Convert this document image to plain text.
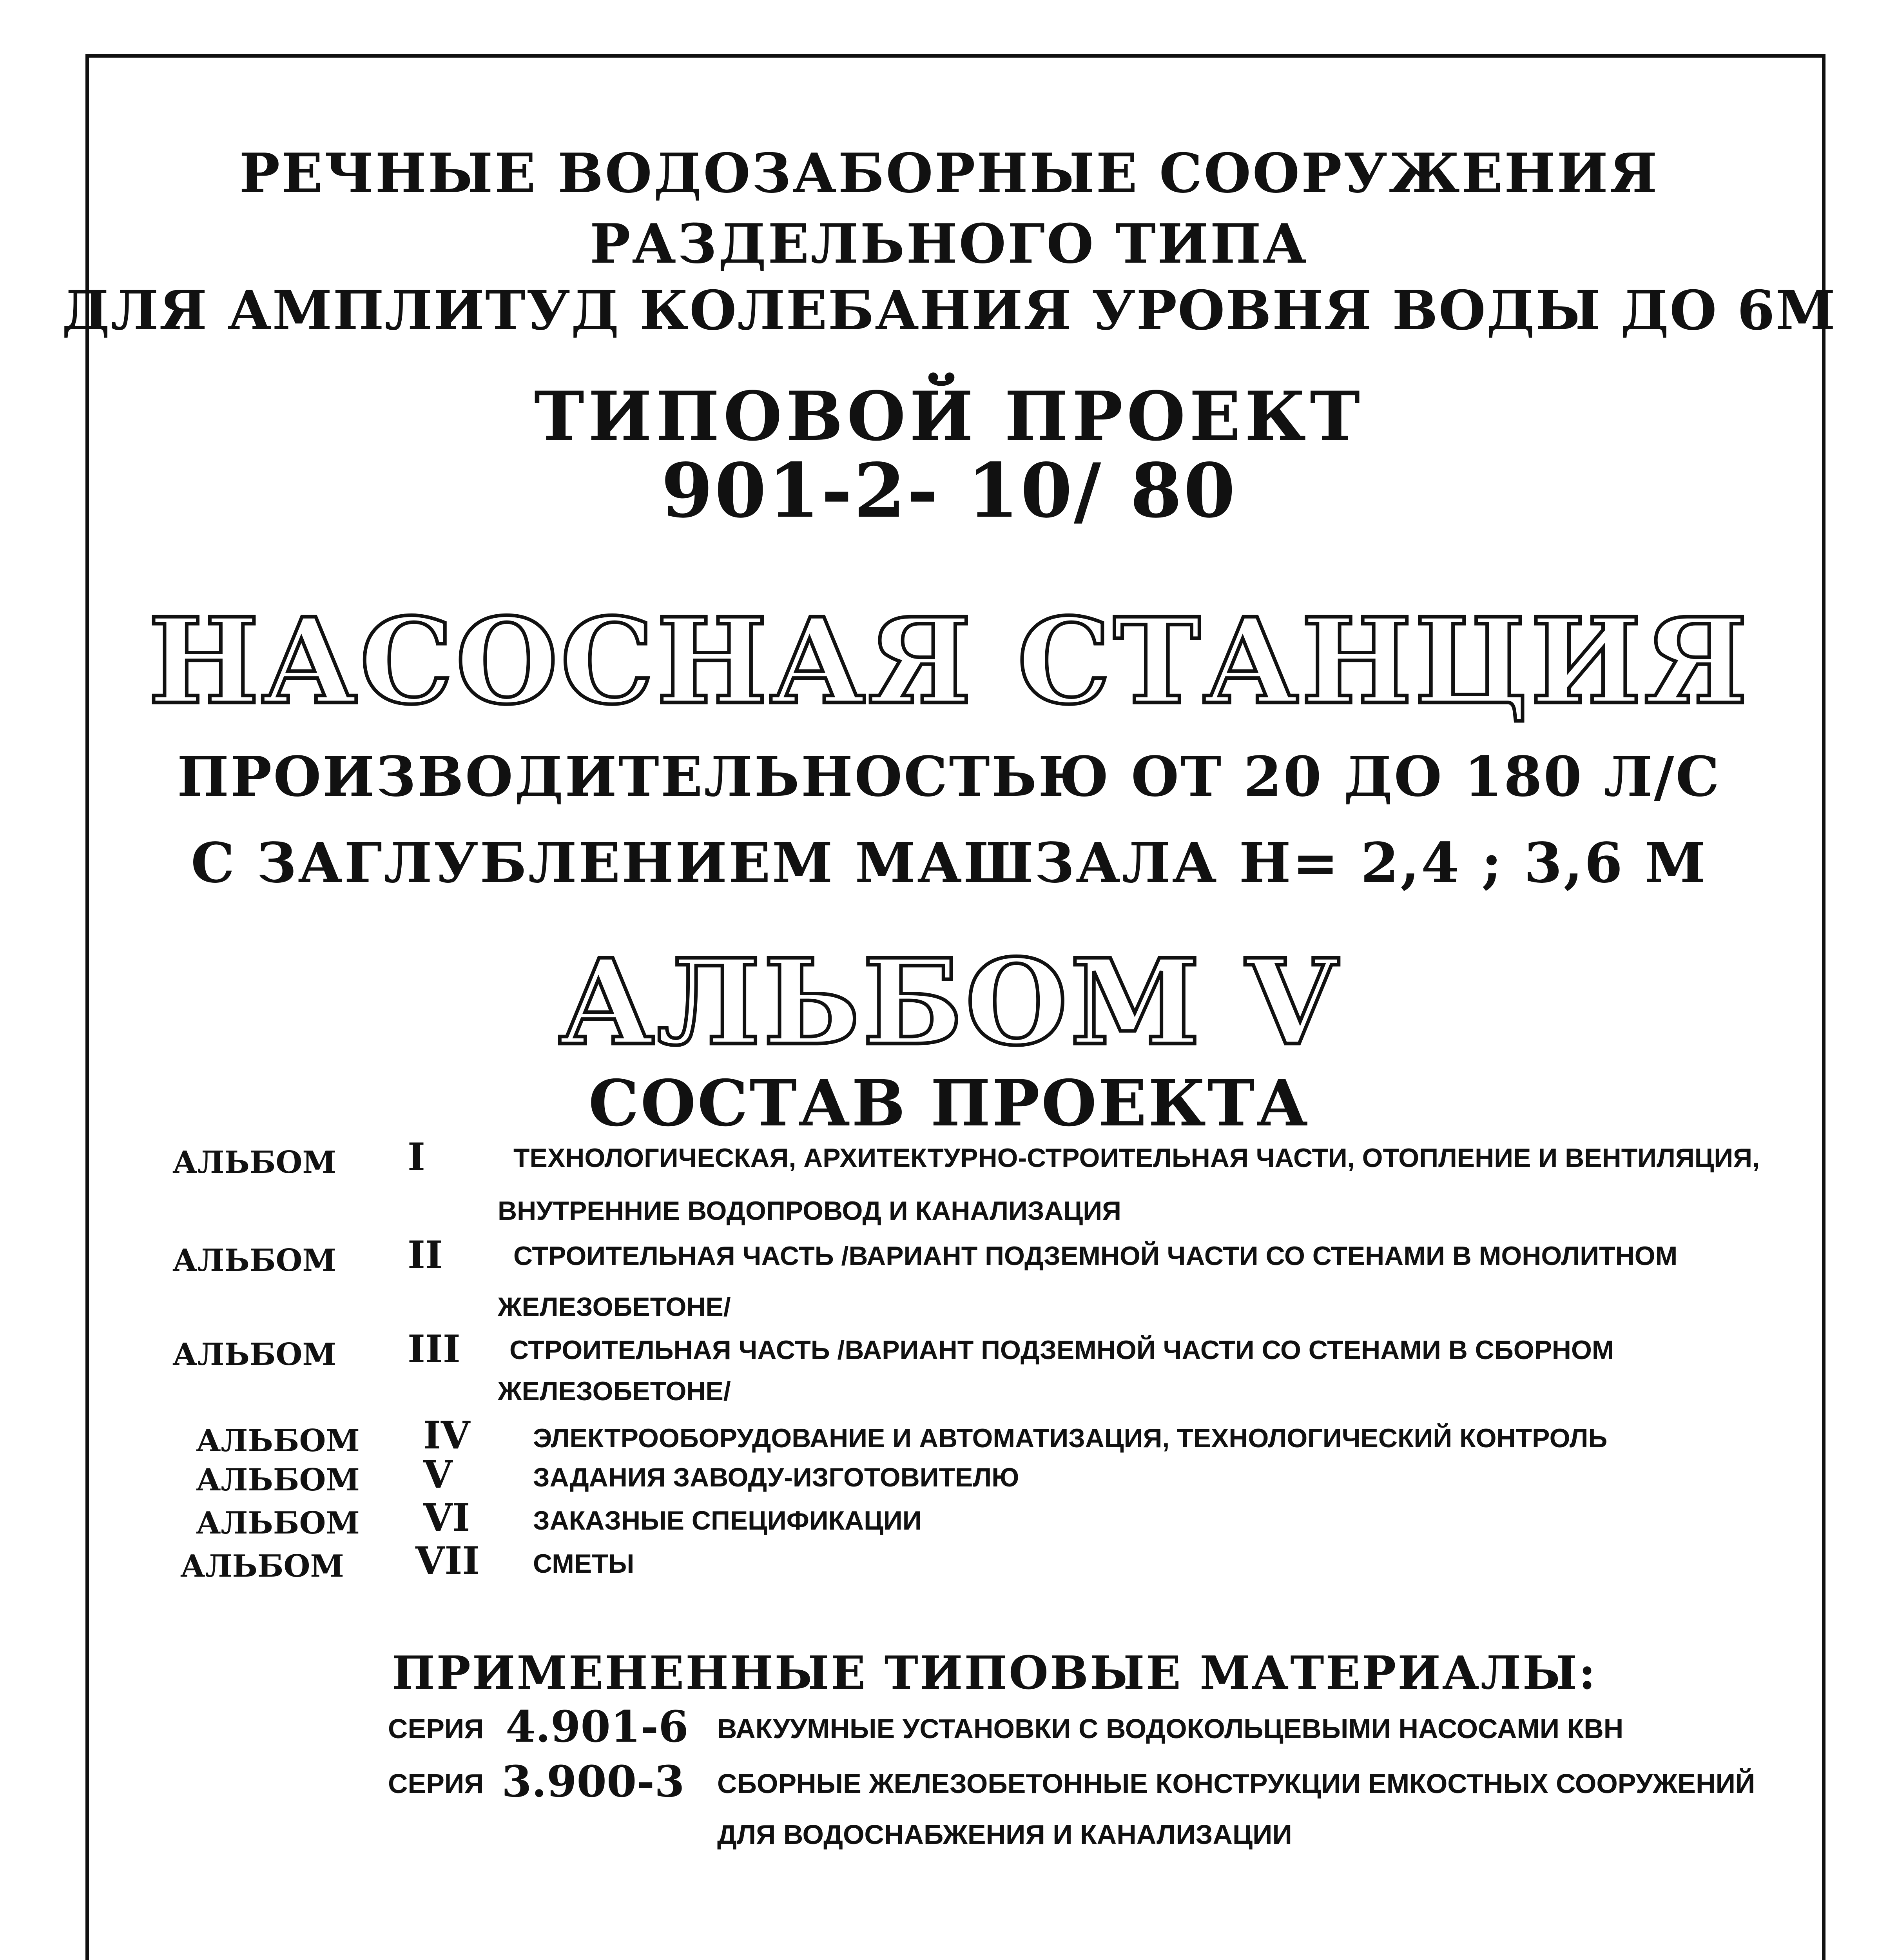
РЕЧНЫЕ ВОДОЗАБОРНЫЕ СООРУЖЕНИЯ
РАЗДЕЛЬНОГО ТИПА
ДЛЯ АМПЛИТУД КОЛЕБАНИЯ УРОВНЯ ВОДЫ ДО 6М
ТИПОВОЙ ПРОЕКТ
901-2- 10/ 80
НАСОСНАЯ СТАНЦИЯ
ПРОИЗВОДИТЕЛЬНОСТЬЮ ОТ 20 ДО 180 Л/С
С ЗАГЛУБЛЕНИЕМ МАШЗАЛА Н= 2,4 ; 3,6 М
АЛЬБОМ V
СОСТАВ ПРОЕКТА
АЛЬБОМ I	ТЕХНОЛОГИЧЕСКАЯ, АРХИТЕКТУРНО-СТРОИТЕЛЬНАЯ ЧАСТИ, ОТОПЛЕНИЕ И ВЕНТИЛЯЦИЯ,
ВНУТРЕННИЕ ВОДОПРОВОД И КАНАЛИЗАЦИЯ
АЛЬБОМ II	СТРОИТЕЛЬНАЯ ЧАСТЬ /ВАРИАНТ ПОДЗЕМНОЙ ЧАСТИ СО СТЕНАМИ В МОНОЛИТНОМ
ЖЕЛЕЗОБЕТОНЕ/
АЛЬБОМ III СТРОИТЕЛЬНАЯ ЧАСТЬ /ВАРИАНТ ПОДЗЕМНОЙ ЧАСТИ СО СТЕНАМИ В СБОРНОМ
ЖЕЛЕЗОБЕТОНЕ/
АЛЬБОМ IV ЭЛЕКТРООБОРУДОВАНИЕ И АВТОМАТИЗАЦИЯ, ТЕХНОЛОГИЧЕСКИЙ КОНТРОЛЬ
АЛЬБОМ V	ЗАДАНИЯ ЗАВОДУ-ИЗГОТОВИТЕЛЮ
АЛЬБОМ VI ЗАКАЗНЫЕ СПЕЦИФИКАЦИИ
АЛЬБОМ VII СМЕТЫ
ПРИМЕНЕННЫЕ ТИПОВЫЕ МАТЕРИАЛЫ:
СЕРИЯ 4.901-6 ВАКУУМНЫЕ УСТАНОВКИ С ВОДОКОЛЬЦЕВЫМИ НАСОСАМИ КВН
СЕРИЯ 3.900-3 СБОРНЫЕ ЖЕЛЕЗОБЕТОННЫЕ КОНСТРУКЦИИ ЕМКОСТНЫХ СООРУЖЕНИЙ
ДЛЯ ВОДОСНАБЖЕНИЯ И КАНАЛИЗАЦИИ
